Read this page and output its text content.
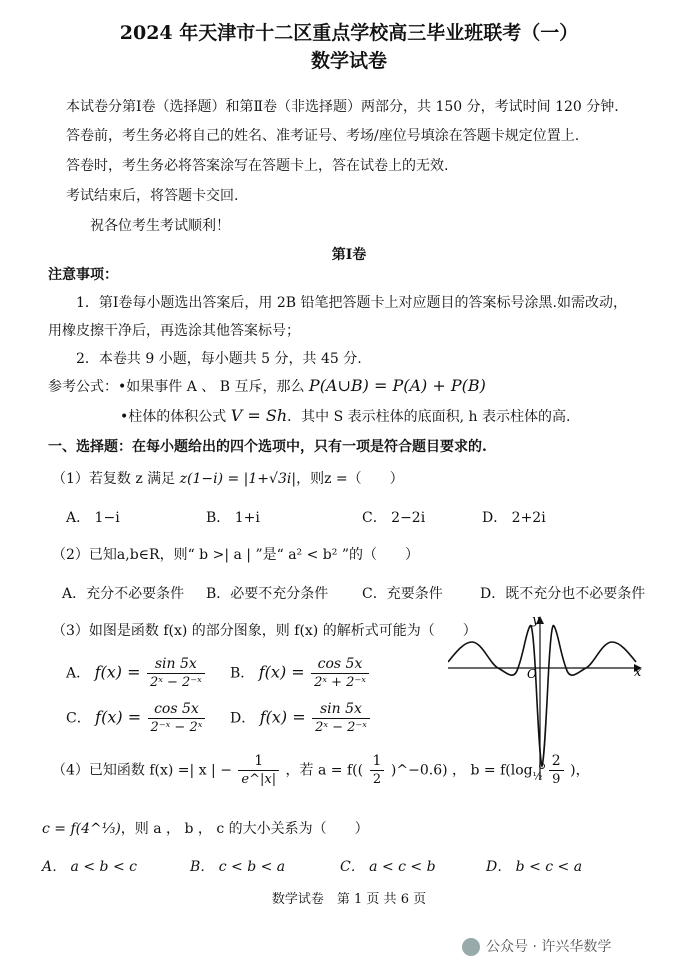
2024 年天津市十二区重点学校高三毕业班联考（一）
数学试卷
本试卷分第Ⅰ卷（选择题）和第Ⅱ卷（非选择题）两部分，共 150 分，考试时间 120 分钟.
答卷前，考生务必将自己的姓名、准考证号、考场/座位号填涂在答题卡规定位置上.
答卷时，考生务必将答案涂写在答题卡上，答在试卷上的无效.
考试结束后，将答题卡交回.
祝各位考生考试顺利！
第Ⅰ卷
注意事项：
1．第Ⅰ卷每小题选出答案后，用 2B 铅笔把答题卡上对应题目的答案标号涂黑.如需改动，
用橡皮擦干净后，再选涂其他答案标号；
2．本卷共 9 小题，每小题共 5 分，共 45 分.
参考公式：•如果事件 A 、 B 互斥，那么 P(A∪B) = P(A) + P(B)
•柱体的体积公式 V = Sh．其中 S 表示柱体的底面积, h 表示柱体的高.
一、选择题：在每小题给出的四个选项中，只有一项是符合题目要求的.
（1）若复数 z 满足 z(1−i) = |1+√3i|，则z =（　　）
A． 1−i	B． 1+i	C． 2−2i	D． 2+2i
（2）已知a,b∈R，则“ b >| a | ”是“ a² < b² ”的（　　）
A．充分不必要条件 B．必要不充分条件 C．充要条件	D．既不充分也不必要条件
（3）如图是函数 f(x) 的部分图象，则 f(x) 的解析式可能为（　　）
A． $f(x) = \frac{\sin 5x}{\text{2ˣ − 2⁻ˣ}}$ B． $f(x) = \frac{\cos 5x}{\text{2ˣ + 2⁻ˣ}}$
C． $f(x) = \frac{\cos 5x}{\text{2⁻ˣ − 2ˣ}}$ D． $f(x) = \frac{\sin 5x}{\text{2ˣ − 2⁻ˣ}}$
y
x
O
（4）已知函数 f(x) =| x | − $\frac{1}{e\^{}|x|}$ ，若 $a = f(( \frac{1}{2}$ )^−0.6) ， $b = f(\log_{\frac{1}{2}} \frac{2}{9}$ )，
c = f(4^⅓)，则 a ， b ， c 的大小关系为（　　）
A． a < b < c	B． c < b < a	C． a < c < b	D． b < c < a
数学试卷　第 1 页 共 6 页
公众号 · 许兴华数学
